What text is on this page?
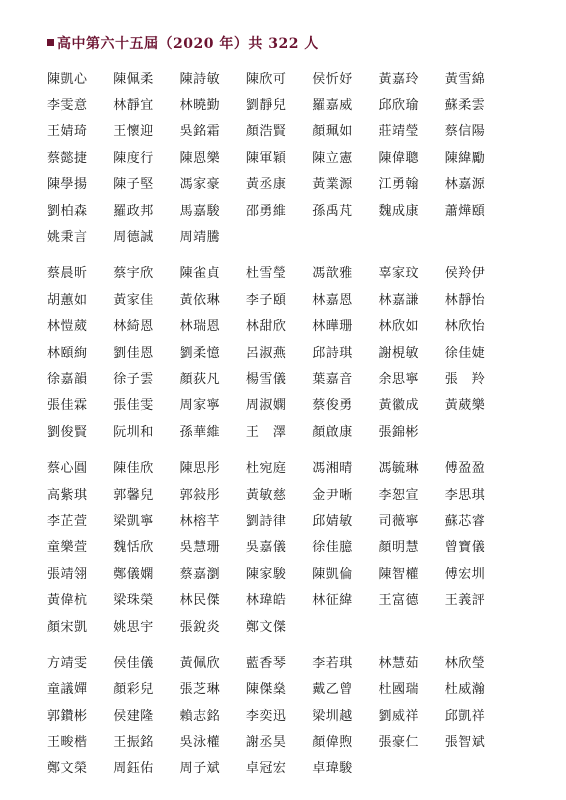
高中第六十五屆（2020 年）共 322 人
陳凱心	陳佩柔	陳詩敏	陳欣可	侯忻妤	黃嘉玲	黃雪綿
李雯意	林靜宜	林曉勤	劉靜兒	羅嘉威	邱欣瑜	蘇柔雲
王婧琦	王懷迎	吳銘霜	顏浩賢	顏珮如	莊靖瑩	蔡信陽
蔡懿捷	陳度行	陳恩樂	陳軍穎	陳立憲	陳偉聰	陳緯勵
陳學揚	陳子堅	馮家豪	黃丞康	黃業源	江勇翰	林嘉源
劉柏森	羅政邦	馬嘉駿	邵勇維	孫禹芃	魏成康	蕭燁頤
姚秉言	周德誠	周靖騰
蔡晨昕	蔡宇欣	陳雀貞	杜雪瑩	馮歆雅	辜家玟	侯羚伊
胡蕙如	黃家佳	黃依琳	李子頤	林嘉恩	林嘉謙	林靜怡
林愷葳	林綺恩	林瑞恩	林甜欣	林曄珊	林欣如	林欣怡
林頤絢	劉佳恩	劉柔憶	呂淑燕	邱詩琪	謝梘敏	徐佳婕
徐嘉韻	徐子雲	顏荻凡	楊雪儀	葉嘉音	余思寧	張　羚
張佳霖	張佳雯	周家寧	周淑嫻	蔡俊勇	黃徽成	黃葳樂
劉俊賢	阮圳和	孫華維	王　澤	顏啟康	張錦彬
蔡心圓	陳佳欣	陳思彤	杜宛庭	馮湘晴	馮毓琳	傅盈盈
高紫琪	郭馨兒	郭敍彤	黃敏慈	金尹晰	李恕宣	李思琪
李芷萱	梁凱寧	林榕芊	劉詩律	邱婧敏	司薇寧	蘇芯睿
童樂萱	魏恬欣	吳慧珊	吳嘉儀	徐佳臆	顏明慧	曾寶儀
張靖翎	鄭儀嫻	蔡嘉瀏	陳家駿	陳凱倫	陳智權	傅宏圳
黃偉杭	梁珠榮	林民傑	林瑋皓	林征緯	王富德	王義評
顏宋凱	姚思宇	張銳炎	鄭文傑
方靖雯	侯佳儀	黃佩欣	藍香琴	李若琪	林慧茹	林欣瑩
童議嬋	顏彩兒	張芝琳	陳傑燊	戴乙曾	杜國瑞	杜威瀚
郭鑽彬	侯建隆	賴志銘	李奕迅	梁圳越	劉威祥	邱凱祥
王畯楷	王振銘	吳泳權	謝丞昊	顏偉煦	張豪仁	張智斌
鄭文榮	周鈺佑	周子斌	卓冠宏	卓瑋駿
